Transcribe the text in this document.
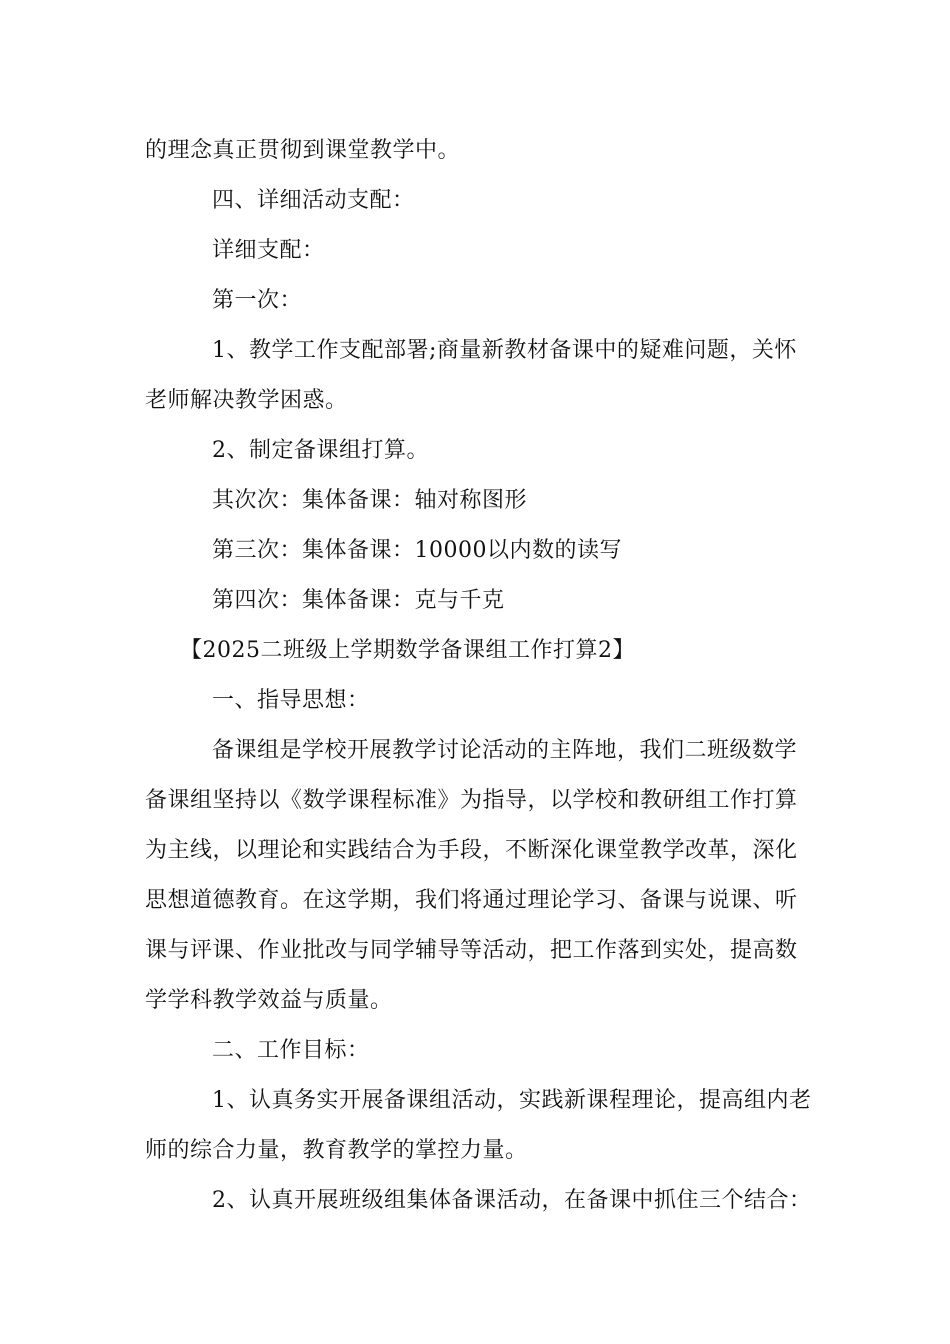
的理念真正贯彻到课堂教学中。
四、详细活动支配：
详细支配：
第一次：
1、教学工作支配部署;商量新教材备课中的疑难问题，关怀
老师解决教学困惑。
2、制定备课组打算。
其次次：集体备课：轴对称图形
第三次：集体备课：10000以内数的读写
第四次：集体备课：克与千克
【2025二班级上学期数学备课组工作打算2】
一、指导思想：
备课组是学校开展教学讨论活动的主阵地，我们二班级数学
备课组坚持以《数学课程标准》为指导，以学校和教研组工作打算
为主线，以理论和实践结合为手段，不断深化课堂教学改革，深化
思想道德教育。在这学期，我们将通过理论学习、备课与说课、听
课与评课、作业批改与同学辅导等活动，把工作落到实处，提高数
学学科教学效益与质量。
二、工作目标：
1、认真务实开展备课组活动，实践新课程理论，提高组内老
师的综合力量，教育教学的掌控力量。
2、认真开展班级组集体备课活动，在备课中抓住三个结合：
